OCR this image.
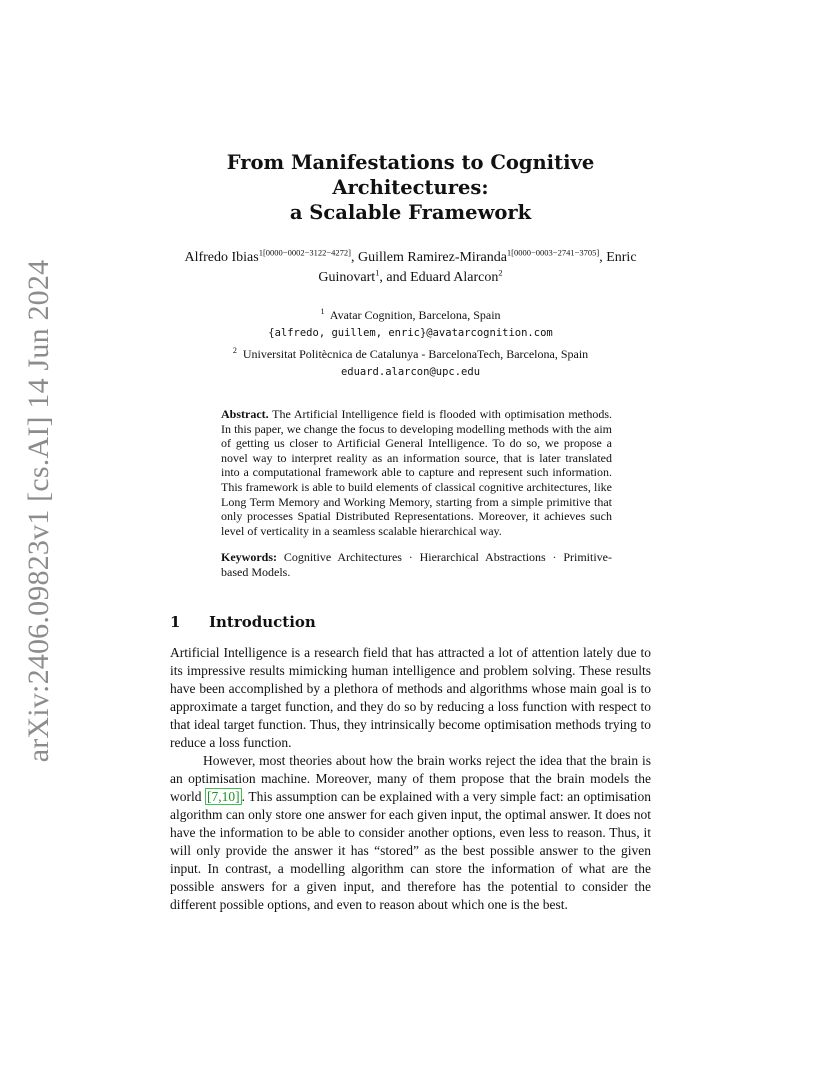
arXiv:2406.09823v1 [cs.AI] 14 Jun 2024
From Manifestations to Cognitive Architectures:
a Scalable Framework
Alfredo Ibias$^{1[0000-0002-3122-4272]}$, Guillem Ramirez-Miranda$^{1[0000-0003-2741-3705]}$, Enric Guinovart$^1$, and Eduard Alarcon$^2$
$^1$ Avatar Cognition, Barcelona, Spain
{alfredo, guillem, enric}@avatarcognition.com
$^2$ Universitat Politècnica de Catalunya - BarcelonaTech, Barcelona, Spain
eduard.alarcon@upc.edu
Abstract. The Artificial Intelligence field is flooded with optimisation methods. In this paper, we change the focus to developing modelling methods with the aim of getting us closer to Artificial General Intelligence. To do so, we propose a novel way to interpret reality as an information source, that is later translated into a computational framework able to capture and represent such information. This framework is able to build elements of classical cognitive architectures, like Long Term Memory and Working Memory, starting from a simple primitive that only processes Spatial Distributed Representations. Moreover, it achieves such level of verticality in a seamless scalable hierarchical way.
Keywords: Cognitive Architectures · Hierarchical Abstractions · Primitive-based Models.
1	Introduction

Artificial Intelligence is a research field that has attracted a lot of attention lately due to its impressive results mimicking human intelligence and problem solving. These results have been accomplished by a plethora of methods and algorithms whose main goal is to approximate a target function, and they do so by reducing a loss function with respect to that ideal target function. Thus, they intrinsically become optimisation methods trying to reduce a loss function.

However, most theories about how the brain works reject the idea that the brain is an optimisation machine. Moreover, many of them propose that the brain models the world [7,10] . This assumption can be explained with a very simple fact: an optimisation algorithm can only store one answer for each given input, the optimal answer. It does not have the information to be able to consider another options, even less to reason. Thus, it will only provide the answer it has “stored” as the best possible answer to the given input. In contrast, a modelling algorithm can store the information of what are the possible answers for a given input, and therefore has the potential to consider the different possible options, and even to reason about which one is the best.
